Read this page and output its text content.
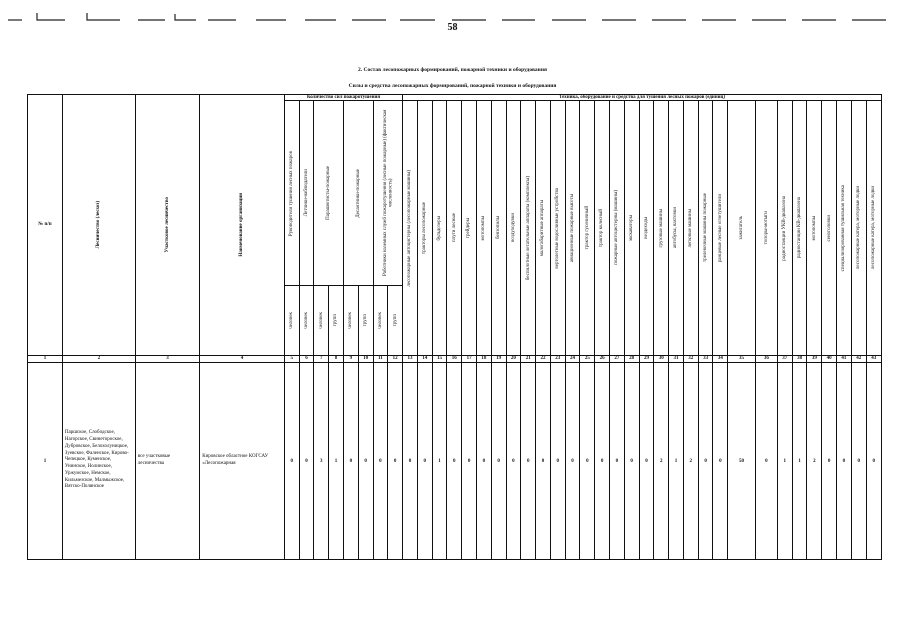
58
2. Состав лесопожарных формирований, пожарной техники и оборудования
Силы и средства лесопожарных формирований, пожарной техники и оборудования
№ п/п	Лесничество (лесхоз)	Участковое лесничество	Наименование организации	Количество сил пожаротушения								Техника, оборудование и средства для тушения лесных пожаров (единиц)																														

				Руководители тушения лесных пожаров	Летчики-наблюдатели	Парашютисты-пожарные		Десантники-пожарные		Работники наземных служб пожаротушения (лесные пожарные) (фактическая численность)		лесопожарные автоцистерны (лесопожарные машины)	тракторы лесопожарные	бульдозеры	плуги лесные	грейдеры	мотопомпы	бензопилы	воздуходувки	беспилотные летательные аппараты (комплексы)	малогабаритные аппараты	вертолетные водосливные устройства	авиационные пожарные высоты	трактор гусеничный	трактор колесный	пожарные автоцистерны (машины)	экскаваторы	вездеходы	грузовые машины	автобусы, вахтовки	легковые машины	трелевочные машины пожарные	ранцевые лесные огнетушители	зажигатель	топоры-мотыги	радиостанции УКВ-диапазона	радиостанции КВ-диапазона	мотопомпы	сеноголовки	специализированная тушильная техника	лесопожарные катера, моторные лодки	лесопожарные катера, моторные лодки

				человек	человек	человек	групп	человек	групп	человек	групп																															

1	2	3	4	5	6	7	8	9	10	11	12	13	14	15	16	17	18	19	20	21	22	23	24	25	26	27	28	29	30	31	32	33	34	35	36	37	38	39	40	41	42	43
1	Паршское, Слободское, Нагорское, Свинетороское, Дубровское, Белохолуницкое, Зуевское, Фаленское, Кирово-Чепецкое, Куменское, Унинское, Нолинское, Уржумское, Немское, Кильмезское, Малмыжское, Вятско-Полянское	все участковые лесничества	Кировское областное КОГСАУ «Лесопожарная	0	0	3	1	0	0	0	0	0	0	1	0	0	0	0	0	0	0	0	0	0	0	0	0	0	2	1	2	0	0	50	0	1	1	2	0	0	0	0
